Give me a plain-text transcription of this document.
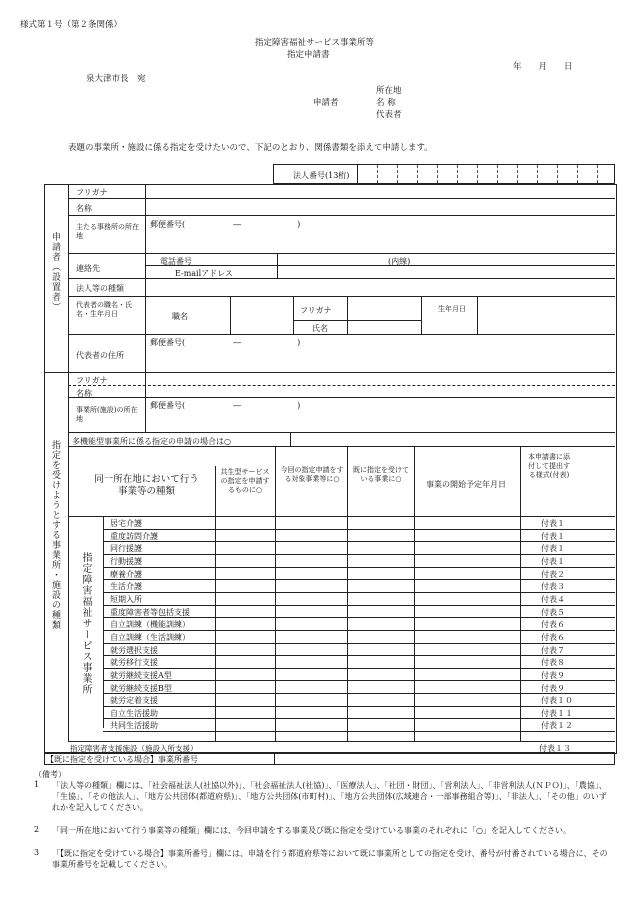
様式第１号（第２条関係）
指定障害福祉サービス事業所等
指定申請書
年　　月　　日
泉大津市長　宛
所在地
申請者	名 称
代表者
表題の事業所・施設に係る指定を受けたいので、下記のとおり、関係書類を添えて申請します。
法人番号(13桁)
申請者（設置者）
フリガナ
名称
主たる事務所の所在地
郵便番号(　　　　　　―　　　　　　　)
連絡先
電話番号	(内線)
E-mailアドレス
法人等の種類
代表者の職名・氏名・生年月日	職名
フリガナ
氏名
生年月日
代表者の住所
郵便番号(　　　　　　―　　　　　　　)
指定を受けようとする事業所・施設の種類
フリガナ
名称
事業所(施設)の所在地
郵便番号(　　　　　　―　　　　　　　)
多機能型事業所に係る指定の申請の場合は○
同一所在地において行う事業等の種類
共生型サービスの指定を申請するものに○
今回の指定申請をする対象事業等に○
既に指定を受けている事業に○
事業の開始予定年月日
本申請書に添付して提出する様式(付表)
指定障害福祉サービス事業所
居宅介護	付表１
重度訪問介護	付表１
同行援護	付表１
行動援護	付表１
療養介護	付表２
生活介護	付表３
短期入所	付表４
重度障害者等包括支援	付表５
自立訓練（機能訓練）	付表６
自立訓練（生活訓練）	付表６
就労選択支援	付表７
就労移行支援	付表８
就労継続支援A型	付表９
就労継続支援B型	付表９
就労定着支援	付表１０
自立生活援助	付表１１
共同生活援助	付表１２
指定障害者支援施設（施設入所支援）	付表１３
【既に指定を受けている場合】事業所番号
（備考）
1 「法人等の種類」欄には、「社会福祉法人(社協以外)」、「社会福祉法人(社協)」、「医療法人」、「社団・財団」、「営利法人」、「非営利法人(ＮＰＯ)」、「農協」、「生協」、「その他法人」、「地方公共団体(都道府県)」、「地方公共団体(市町村)」、「地方公共団体(広域連合・一部事務組合等)」、「非法人」、「その他」のいずれかを記入してください。
2 「同一所在地において行う事業等の種類」欄には、今回申請をする事業及び既に指定を受けている事業のそれぞれに「○」を記入してください。
3 「【既に指定を受けている場合】事業所番号」欄には、申請を行う都道府県等において既に事業所としての指定を受け、番号が付番されている場合に、その事業所番号を記載してください。
